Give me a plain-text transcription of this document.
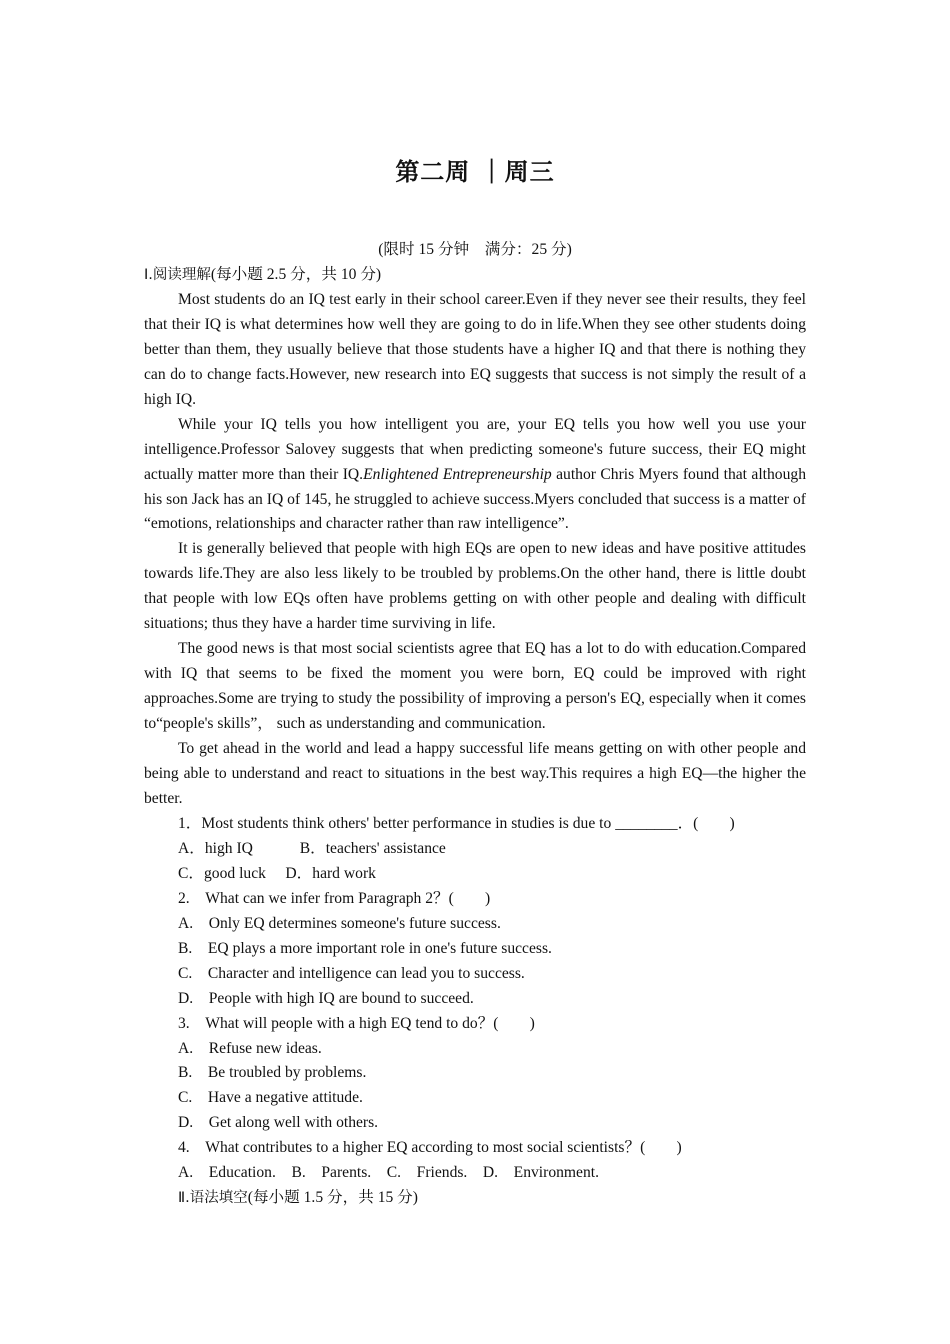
第二周 ｜周三
(限时 15 分钟　满分：25 分)

Ⅰ.阅读理解(每小题 2.5 分，共 10 分)

Most students do an IQ test early in their school career.Even if they never see their results, they feel that their IQ is what determines how well they are going to do in life.When they see other students doing better than them, they usually believe that those students have a higher IQ and that there is nothing they can do to change facts.However, new research into EQ suggests that success is not simply the result of a high IQ.

While your IQ tells you how intelligent you are, your EQ tells you how well you use your intelligence.Professor Salovey suggests that when predicting someone's future success, their EQ might actually matter more than their IQ.Enlightened Entrepreneurship author Chris Myers found that although his son Jack has an IQ of 145, he struggled to achieve success.Myers concluded that success is a matter of “emotions, relationships and character rather than raw intelligence”.

It is generally believed that people with high EQs are open to new ideas and have positive attitudes towards life.They are also less likely to be troubled by problems.On the other hand, there is little doubt that people with low EQs often have problems getting on with other people and dealing with difficult situations; thus they have a harder time surviving in life.

The good news is that most social scientists agree that EQ has a lot to do with education.Compared with IQ that seems to be fixed the moment you were born, EQ could be improved with right approaches.Some are trying to study the possibility of improving a person's EQ, especially when it comes to“people's skills”， such as understanding and communication.

To get ahead in the world and lead a happy successful life means getting on with other people and being able to understand and react to situations in the best way.This requires a high EQ—the higher the better.

1．Most students think others' better performance in studies is due to ________．(　　)

A．high IQ　　　B．teachers' assistance

C．good luck　 D．hard work

2.　What can we infer from Paragraph 2？(　　)

A.　Only EQ determines someone's future success.

B.　EQ plays a more important role in one's future success.

C.　Character and intelligence can lead you to success.

D.　People with high IQ are bound to succeed.

3.　What will people with a high EQ tend to do？(　　)

A.　Refuse new ideas.

B.　Be troubled by problems.

C.　Have a negative attitude.

D.　Get along well with others.

4.　What contributes to a higher EQ according to most social scientists？(　　)

A.　Education.　B.　Parents.　C.　Friends.　D.　Environment.

Ⅱ.语法填空(每小题 1.5 分，共 15 分)
